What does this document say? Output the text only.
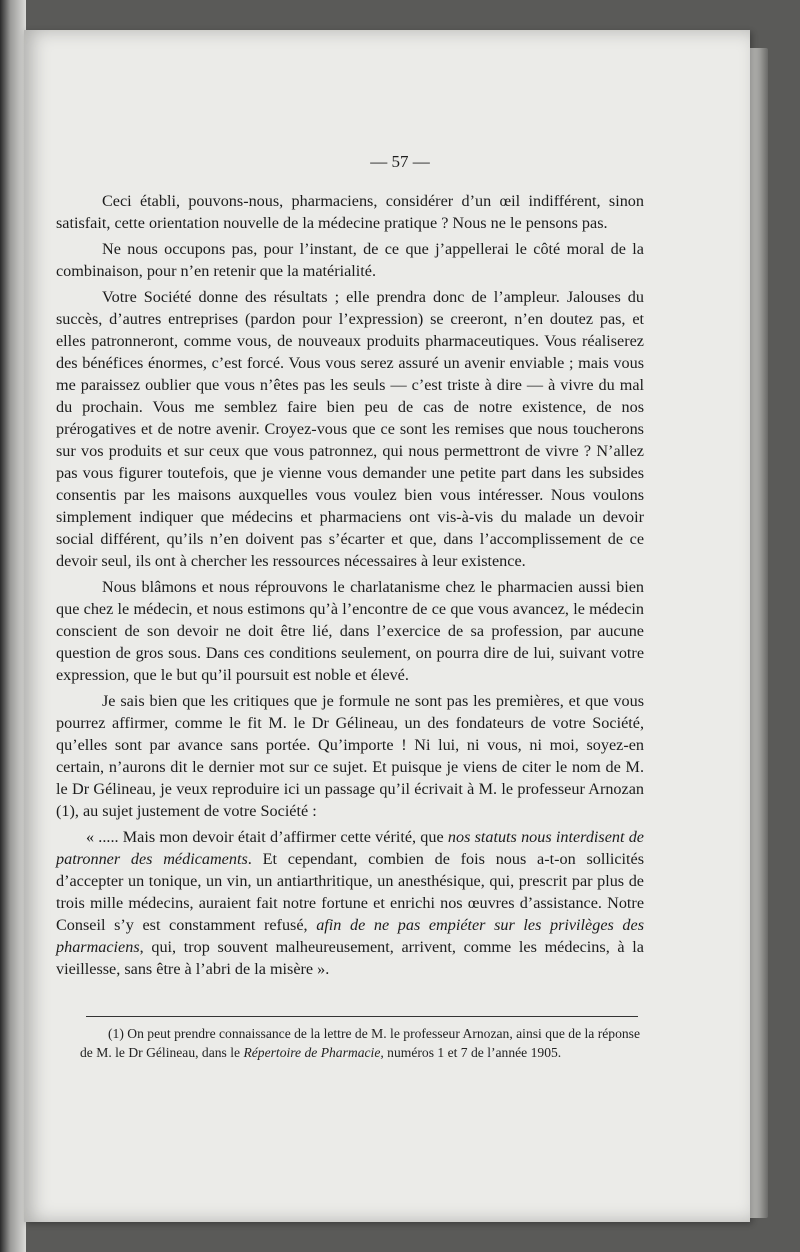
— 57 —

Ceci établi, pouvons-nous, pharmaciens, considérer d’un œil indifférent, sinon satisfait, cette orientation nouvelle de la médecine pratique ? Nous ne le pensons pas.

Ne nous occupons pas, pour l’instant, de ce que j’appellerai le côté moral de la combinaison, pour n’en retenir que la matérialité.

Votre Société donne des résultats ; elle prendra donc de l’ampleur. Jalouses du succès, d’autres entreprises (pardon pour l’expression) se creeront, n’en doutez pas, et elles patronneront, comme vous, de nouveaux produits pharmaceutiques. Vous réaliserez des bénéfices énormes, c’est forcé. Vous vous serez assuré un avenir enviable ; mais vous me paraissez oublier que vous n’êtes pas les seuls — c’est triste à dire — à vivre du mal du prochain. Vous me semblez faire bien peu de cas de notre existence, de nos prérogatives et de notre avenir. Croyez-vous que ce sont les remises que nous toucherons sur vos produits et sur ceux que vous patronnez, qui nous permettront de vivre ? N’allez pas vous figurer toutefois, que je vienne vous demander une petite part dans les subsides consentis par les maisons auxquelles vous voulez bien vous intéresser. Nous voulons simplement indiquer que médecins et pharmaciens ont vis-à-vis du malade un devoir social différent, qu’ils n’en doivent pas s’écarter et que, dans l’accomplissement de ce devoir seul, ils ont à chercher les ressources nécessaires à leur existence.

Nous blâmons et nous réprouvons le charlatanisme chez le pharmacien aussi bien que chez le médecin, et nous estimons qu’à l’encontre de ce que vous avancez, le médecin conscient de son devoir ne doit être lié, dans l’exercice de sa profession, par aucune question de gros sous. Dans ces conditions seulement, on pourra dire de lui, suivant votre expression, que le but qu’il poursuit est noble et élevé.

Je sais bien que les critiques que je formule ne sont pas les premières, et que vous pourrez affirmer, comme le fit M. le Dr Gélineau, un des fondateurs de votre Société, qu’elles sont par avance sans portée. Qu’importe ! Ni lui, ni vous, ni moi, soyez-en certain, n’aurons dit le dernier mot sur ce sujet. Et puisque je viens de citer le nom de M. le Dr Gélineau, je veux reproduire ici un passage qu’il écrivait à M. le professeur Arnozan (1), au sujet justement de votre Société :

« ..... Mais mon devoir était d’affirmer cette vérité, que nos statuts nous interdisent de patronner des médicaments. Et cependant, combien de fois nous a-t-on sollicités d’accepter un tonique, un vin, un antiarthritique, un anesthésique, qui, prescrit par plus de trois mille médecins, auraient fait notre fortune et enrichi nos œuvres d’assistance. Notre Conseil s’y est constamment refusé, afin de ne pas empiéter sur les privilèges des pharmaciens, qui, trop souvent malheureusement, arrivent, comme les médecins, à la vieillesse, sans être à l’abri de la misère ».

(1) On peut prendre connaissance de la lettre de M. le professeur Arnozan, ainsi que de la réponse de M. le Dr Gélineau, dans le Répertoire de Pharmacie, numéros 1 et 7 de l’année 1905.
